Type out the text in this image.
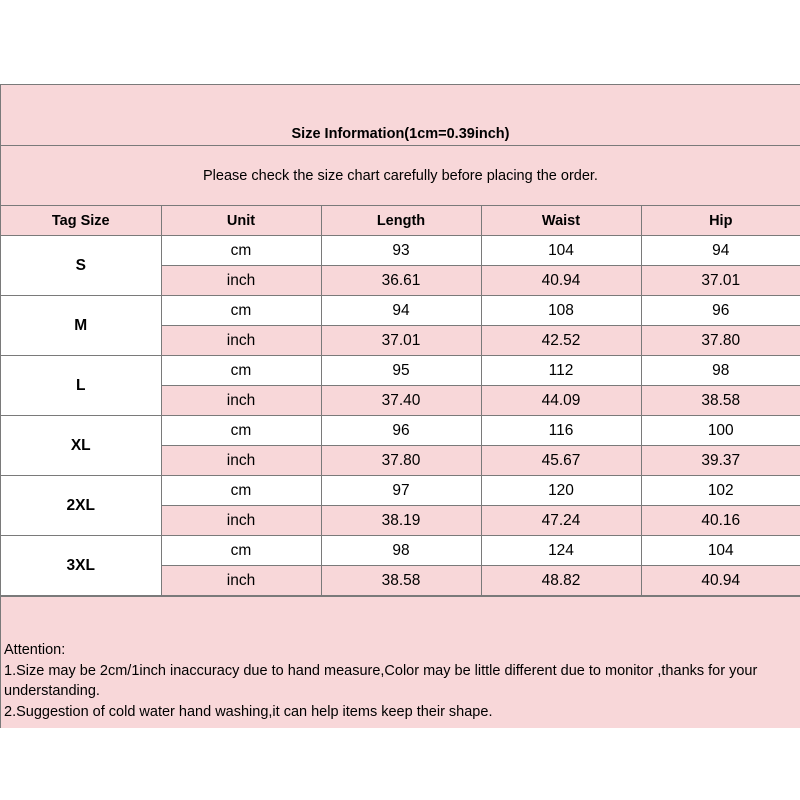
Size Information(1cm=0.39inch)
Please check the size chart carefully before placing the order.
Tag Size	Unit	Length	Waist	Hip
S	cm	93	104	94
	inch	36.61	40.94	37.01
M	cm	94	108	96
	inch	37.01	42.52	37.80
L	cm	95	112	98
	inch	37.40	44.09	38.58
XL	cm	96	116	100
	inch	37.80	45.67	39.37
2XL	cm	97	120	102
	inch	38.19	47.24	40.16
3XL	cm	98	124	104
	inch	38.58	48.82	40.94
Attention:
1.Size may be 2cm/1inch inaccuracy due to hand measure,Color may be little different due to monitor ,thanks for your understanding.
2.Suggestion of cold water hand washing,it can help items keep their shape.
